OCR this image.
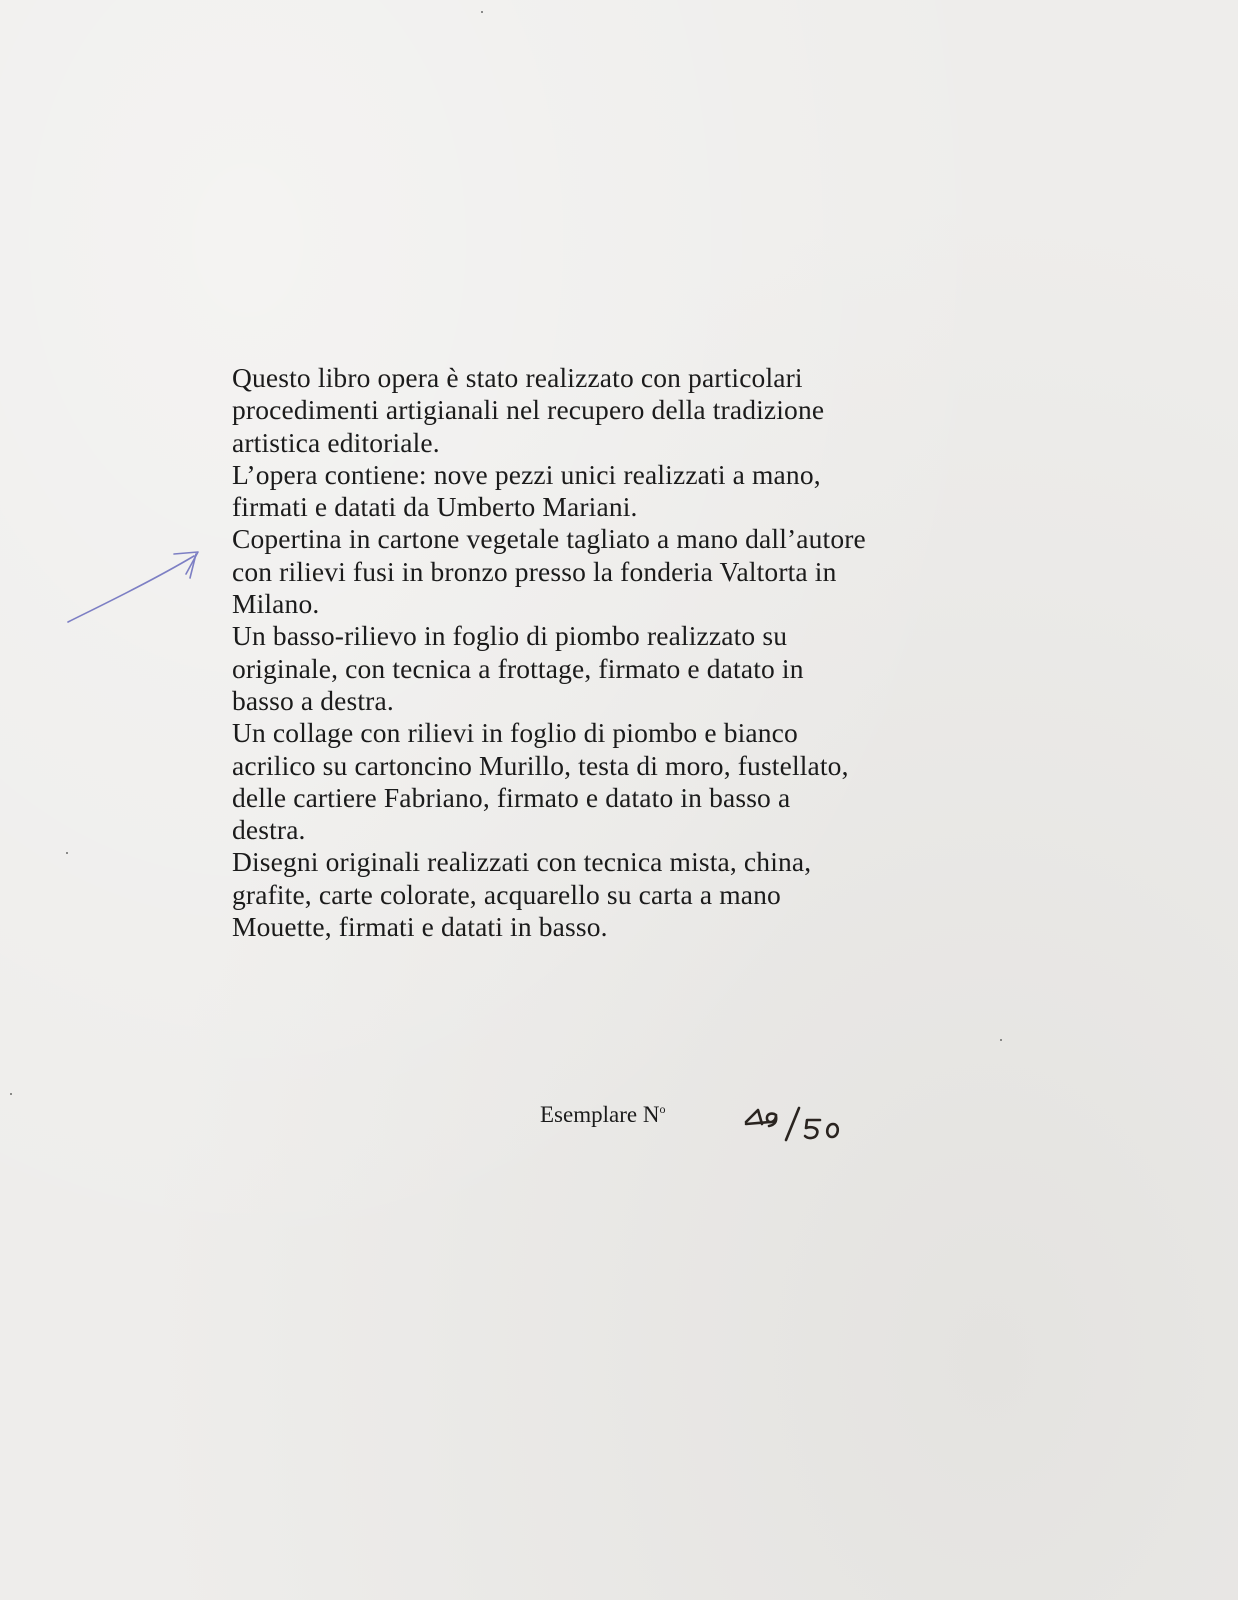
Questo libro opera è stato realizzato con particolari
procedimenti artigianali nel recupero della tradizione
artistica editoriale.
L’opera contiene: nove pezzi unici realizzati a mano,
firmati e datati da Umberto Mariani.
Copertina in cartone vegetale tagliato a mano dall’autore
con rilievi fusi in bronzo presso la fonderia Valtorta in
Milano.
Un basso-rilievo in foglio di piombo realizzato su
originale, con tecnica a frottage, firmato e datato in
basso a destra.
Un collage con rilievi in foglio di piombo e bianco
acrilico su cartoncino Murillo, testa di moro, fustellato,
delle cartiere Fabriano, firmato e datato in basso a
destra.
Disegni originali realizzati con tecnica mista, china,
grafite, carte colorate, acquarello su carta a mano
Mouette, firmati e datati in basso.
Esemplare $N^o$
